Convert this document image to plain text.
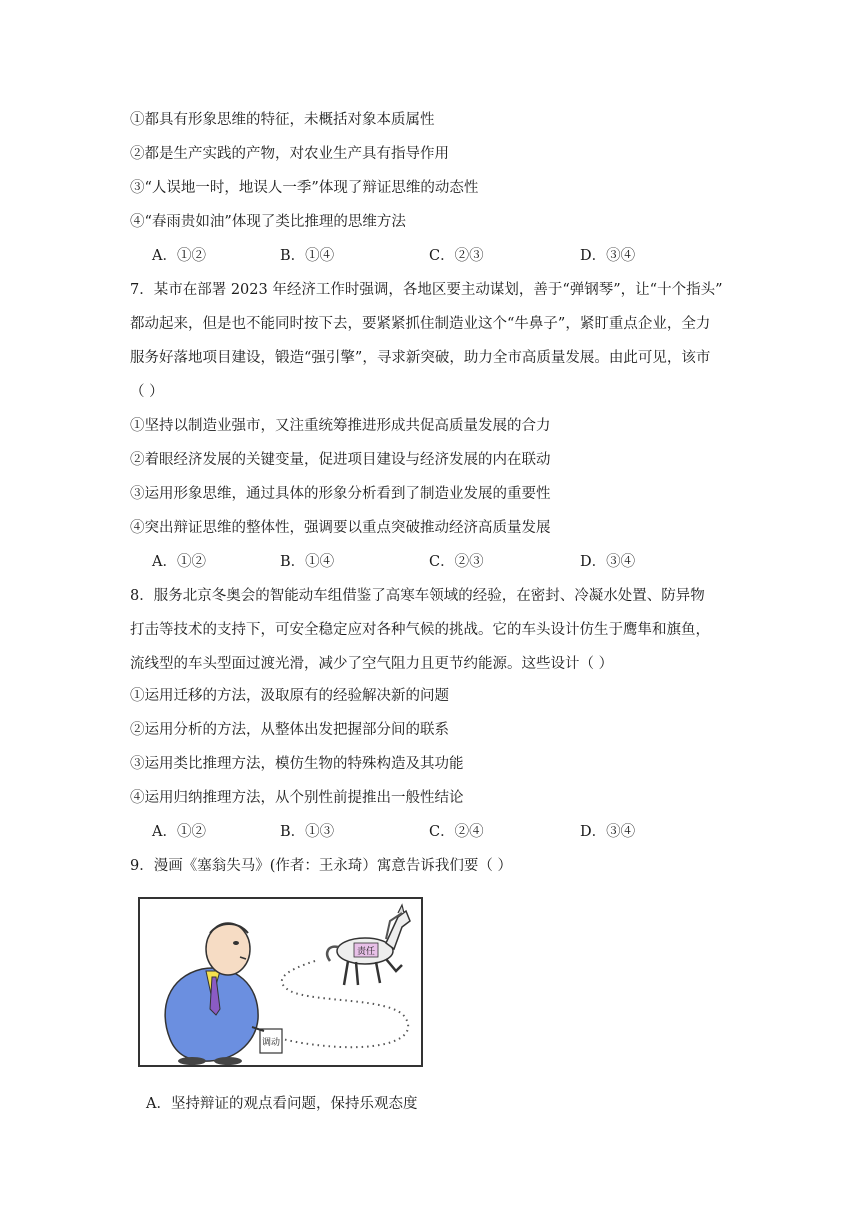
①都具有形象思维的特征，未概括对象本质属性
②都是生产实践的产物，对农业生产具有指导作用
③“人误地一时，地误人一季”体现了辩证思维的动态性
④“春雨贵如油”体现了类比推理的思维方法
A．①②	B．①④	C．②③	D．③④
7．某市在部署 2023 年经济工作时强调，各地区要主动谋划，善于“弹钢琴”，让“十个指头”
都动起来，但是也不能同时按下去，要紧紧抓住制造业这个“牛鼻子”，紧盯重点企业，全力
服务好落地项目建设，锻造“强引擎”，寻求新突破，助力全市高质量发展。由此可见，该市
（ ）
①坚持以制造业强市，又注重统筹推进形成共促高质量发展的合力
②着眼经济发展的关键变量，促进项目建设与经济发展的内在联动
③运用形象思维，通过具体的形象分析看到了制造业发展的重要性
④突出辩证思维的整体性，强调要以重点突破推动经济高质量发展
A．①②	B．①④	C．②③	D．③④
8．服务北京冬奥会的智能动车组借鉴了高寒车领域的经验，在密封、冷凝水处置、防异物
打击等技术的支持下，可安全稳定应对各种气候的挑战。它的车头设计仿生于鹰隼和旗鱼，
流线型的车头型面过渡光滑，减少了空气阻力且更节约能源。这些设计（ ）
①运用迁移的方法，汲取原有的经验解决新的问题
②运用分析的方法，从整体出发把握部分间的联系
③运用类比推理方法，模仿生物的特殊构造及其功能
④运用归纳推理方法，从个别性前提推出一般性结论
A．①②	B．①③	C．②④	D．③④
9．漫画《塞翁失马》(作者：王永琦）寓意告诉我们要（ ）
责任
调动
A．坚持辩证的观点看问题，保持乐观态度
